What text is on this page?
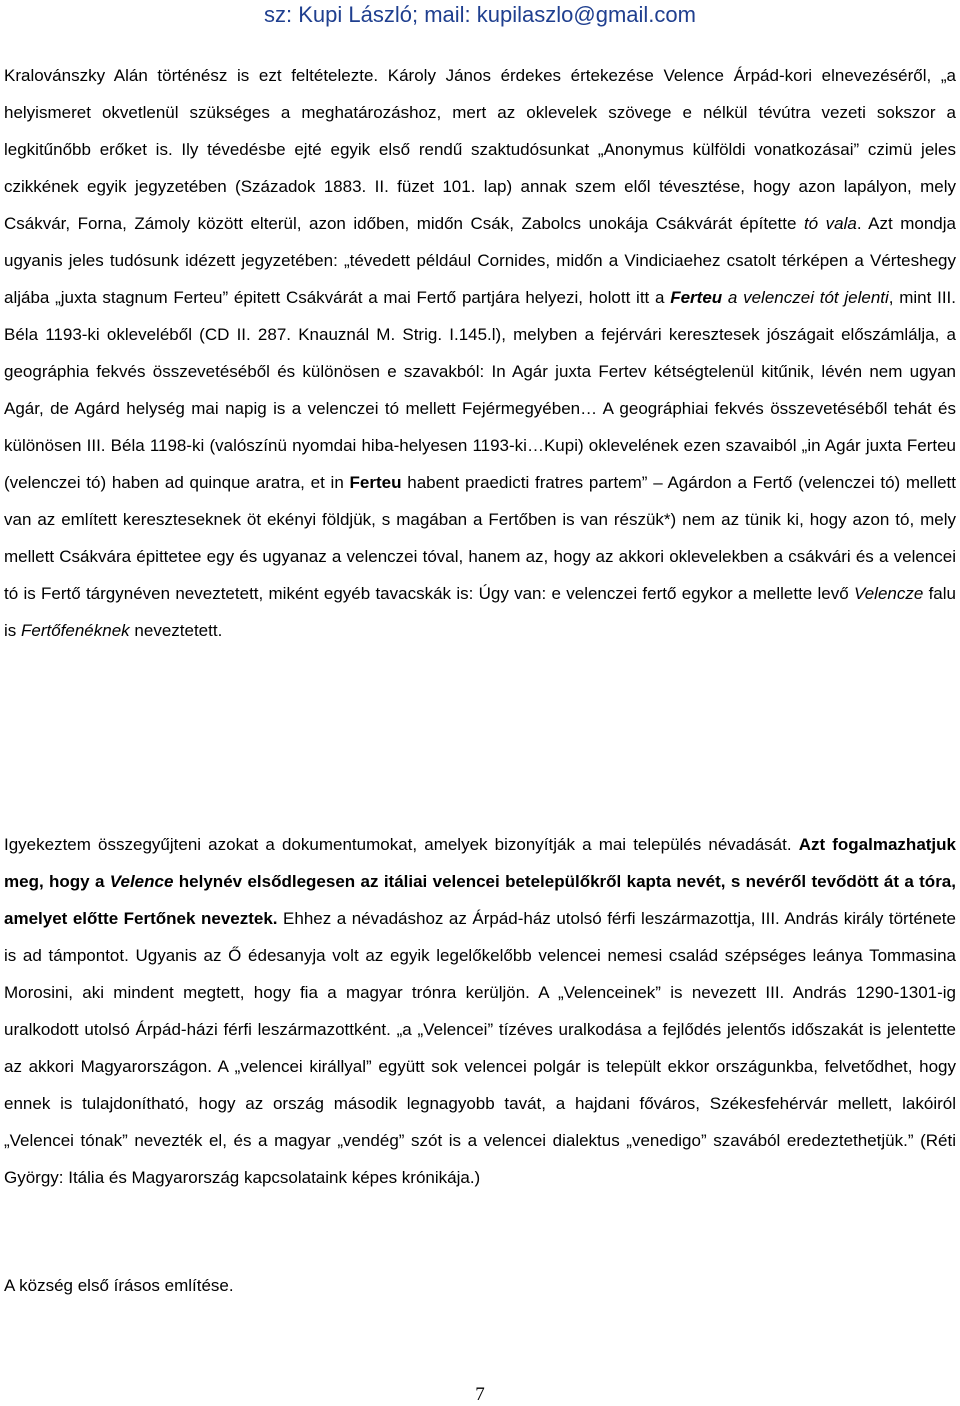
sz: Kupi László; mail: kupilaszlo@gmail.com

Kralovánszky Alán történész is ezt feltételezte. Károly János érdekes értekezése Velence Árpád-kori elnevezéséről, „a helyismeret okvetlenül szükséges a meghatározáshoz, mert az oklevelek szövege e nélkül tévútra vezeti sokszor a legkitűnőbb erőket is. Ily tévedésbe ejté egyik első rendű szaktudósunkat „Anonymus külföldi vonatkozásai” czimü jeles czikkének egyik jegyzetében (Századok 1883. II. füzet 101. lap) annak szem elől tévesztése, hogy azon lapályon, mely Csákvár, Forna, Zámoly között elterül, azon időben, midőn Csák, Zabolcs unokája Csákvárát építette tó vala. Azt mondja ugyanis jeles tudósunk idézett jegyzetében: „tévedett például Cornides, midőn a Vindiciaehez csatolt térképen a Vérteshegy aljába „juxta stagnum Ferteu” épitett Csákvárát a mai Fertő partjára helyezi, holott itt a Ferteu a velenczei tót jelenti, mint III. Béla 1193-ki okleveléből (CD II. 287. Knauznál M. Strig. I.145.l), melyben a fejérvári keresztesek jószágait előszámlálja, a geográphia fekvés összevetéséből és különösen e szavakból: In Agár juxta Fertev kétségtelenül kitűnik, lévén nem ugyan Agár, de Agárd helység mai napig is a velenczei tó mellett Fejérmegyében… A geográphiai fekvés összevetéséből tehát és különösen III. Béla 1198-ki (valószínü nyomdai hiba-helyesen 1193-ki…Kupi) oklevelének ezen szavaiból „in Agár juxta Ferteu (velenczei tó) haben ad quinque aratra, et in Ferteu habent praedicti fratres partem” – Agárdon a Fertő (velenczei tó) mellett van az említett kereszteseknek öt ekényi földjük, s magában a Fertőben is van részük*) nem az tünik ki, hogy azon tó, mely mellett Csákvára épittetee egy és ugyanaz a velenczei tóval, hanem az, hogy az akkori oklevelekben a csákvári és a velencei tó is Fertő tárgynéven neveztetett, miként egyéb tavacskák is: Úgy van: e velenczei fertő egykor a mellette levő Velencze falu is Fertőfenéknek neveztetett.

Igyekeztem összegyűjteni azokat a dokumentumokat, amelyek bizonyítják a mai település névadását. Azt fogalmazhatjuk meg, hogy a Velence helynév elsődlegesen az itáliai velencei betelepülőkről kapta nevét, s nevéről tevődött át a tóra, amelyet előtte Fertőnek neveztek. Ehhez a névadáshoz az Árpád-ház utolsó férfi leszármazottja, III. András király története is ad támpontot. Ugyanis az Ő édesanyja volt az egyik legelőkelőbb velencei nemesi család szépséges leánya Tommasina Morosini, aki mindent megtett, hogy fia a magyar trónra kerüljön. A „Velenceinek” is nevezett III. András 1290-1301-ig uralkodott utolsó Árpád-házi férfi leszármazottként. „a „Velencei” tízéves uralkodása a fejlődés jelentős időszakát is jelentette az akkori Magyarországon. A „velencei királlyal” együtt sok velencei polgár is települt ekkor országunkba, felvetődhet, hogy ennek is tulajdonítható, hogy az ország második legnagyobb tavát, a hajdani főváros, Székesfehérvár mellett, lakóiról „Velencei tónak” nevezték el, és a magyar „vendég” szót is a velencei dialektus „venedigo” szavából eredeztethetjük.” (Réti György: Itália és Magyarország kapcsolataink képes krónikája.)

A község első írásos említése.

7
